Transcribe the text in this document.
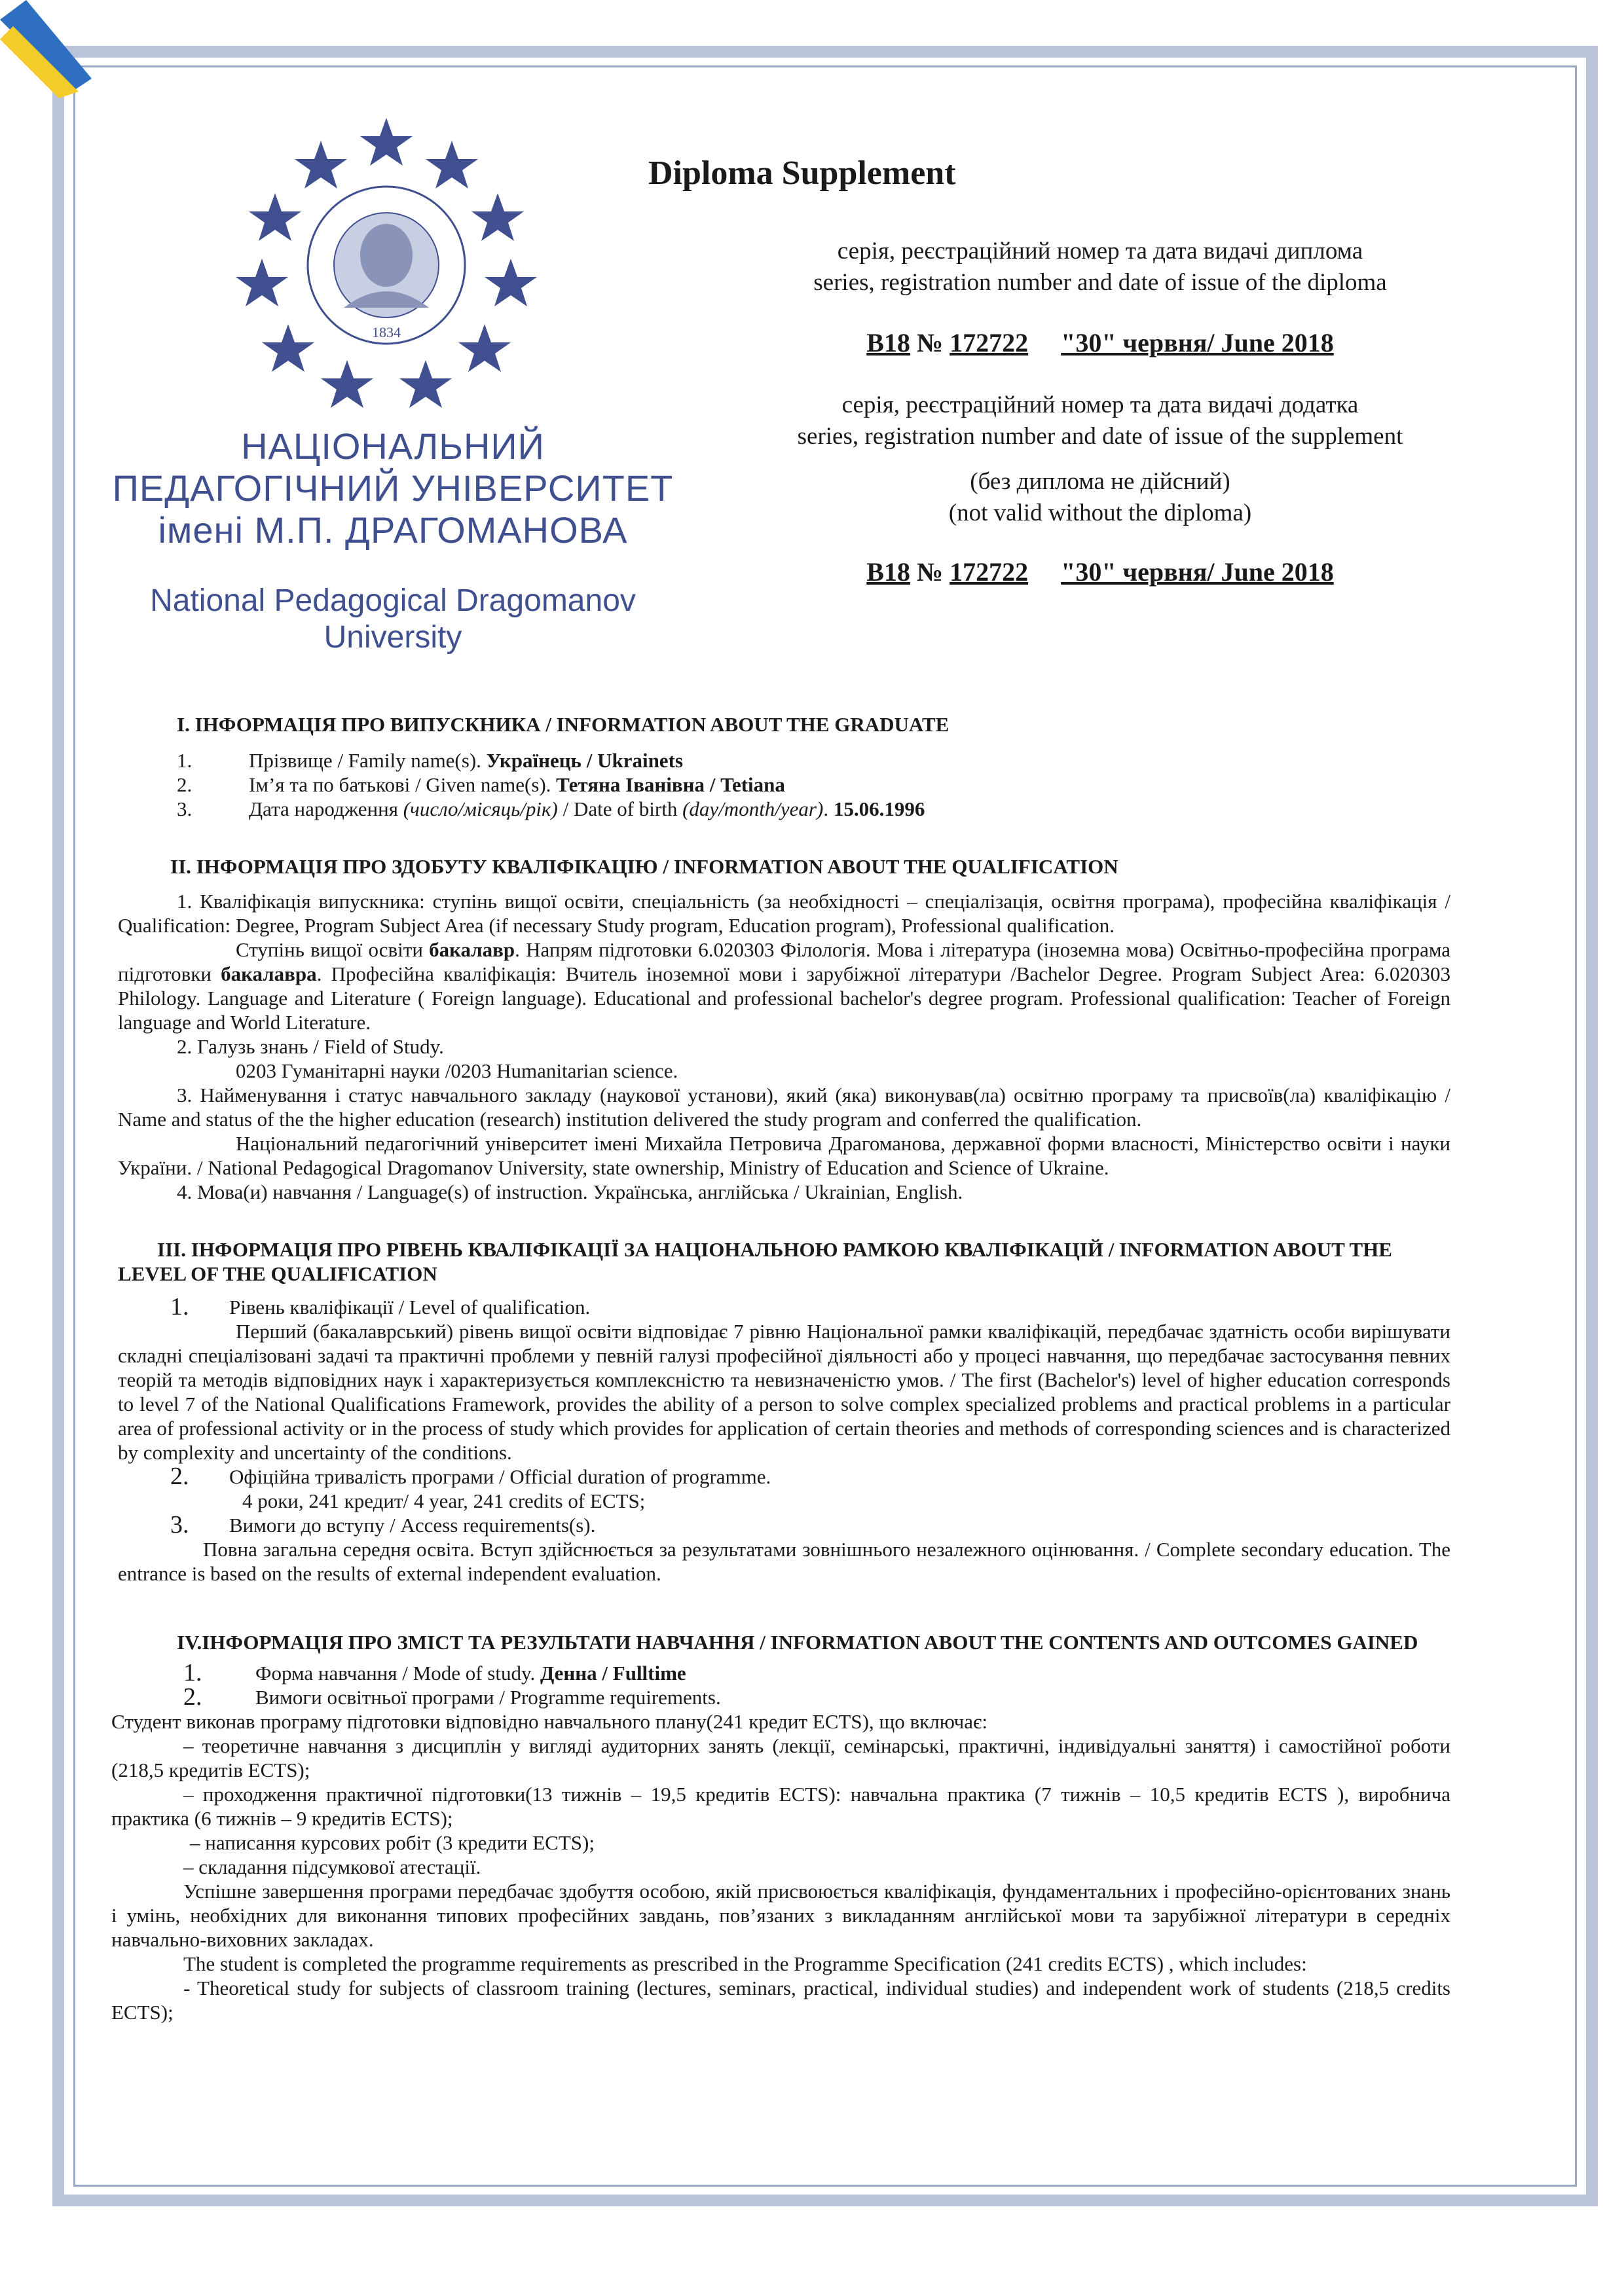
1834
НАЦІОНАЛЬНИЙ
ПЕДАГОГІЧНИЙ УНІВЕРСИТЕТ
імені М.П. ДРАГОМАНОВА
National Pedagogical Dragomanov
University
Diploma Supplement
серія, реєстраційний номер та дата видачі диплома
series, registration number and date of issue of the diploma
B18 № 172722 "30" червня/ June 2018
серія, реєстраційний номер та дата видачі додатка
series, registration number and date of issue of the supplement
(без диплома не дійсний)
(not valid without the diploma)
B18 № 172722 "30" червня/ June 2018
I. ІНФОРМАЦІЯ ПРО ВИПУСКНИКА / INFORMATION ABOUT THE GRADUATE
1.	Прізвище / Family name(s). Українець / Ukrainets
2.	Ім’я та по батькові / Given name(s). Тетяна Іванівна / Tetiana
3.	Дата народження (число/місяць/рік) / Date of birth (day/month/year). 15.06.1996
II. ІНФОРМАЦІЯ ПРО ЗДОБУТУ КВАЛІФІКАЦІЮ / INFORMATION ABOUT THE QUALIFICATION

1. Кваліфікація випускника: ступінь вищої освіти, спеціальність (за необхідності – спеціалізація, освітня програма), професійна кваліфікація / Qualification: Degree, Program Subject Area (if necessary Study program, Education program), Professional qualification.

Ступінь вищої освіти бакалавр. Напрям підготовки 6.020303 Філологія. Мова і література (іноземна мова) Освітньо-професійна програма підготовки бакалавра. Професійна кваліфікація: Вчитель іноземної мови і зарубіжної літератури /Bachelor Degree. Program Subject Area: 6.020303 Philology. Language and Literature ( Foreign language). Educational and professional bachelor's degree program. Professional qualification: Teacher of Foreign language and World Literature.

2. Галузь знань / Field of Study.

0203 Гуманітарні науки /0203 Humanitarian science.

3. Найменування і статус навчального закладу (наукової установи), який (яка) виконував(ла) освітню програму та присвоїв(ла) кваліфікацію / Name and status of the the higher education (research) institution delivered the study program and conferred the qualification.

Національний педагогічний університет імені Михайла Петровича Драгоманова, державної форми власності, Міністерство освіти і науки України. / National Pedagogical Dragomanov University, state ownership, Ministry of Education and Science of Ukraine.

4. Мова(и) навчання / Language(s) of instruction. Українська, англійська / Ukrainian, English.

III. ІНФОРМАЦІЯ ПРО РІВЕНЬ КВАЛІФІКАЦІЇ ЗА НАЦІОНАЛЬНОЮ РАМКОЮ КВАЛІФІКАЦІЙ / INFORMATION ABOUT THE LEVEL OF THE QUALIFICATION
1.	Рівень кваліфікації / Level of qualification.

Перший (бакалаврський) рівень вищої освіти відповідає 7 рівню Національної рамки кваліфікацій, передбачає здатність особи вирішувати складні спеціалізовані задачі та практичні проблеми у певній галузі професійної діяльності або у процесі навчання, що передбачає застосування певних теорій та методів відповідних наук і характеризується комплексністю та невизначеністю умов. / The first (Bachelor's) level of higher education corresponds to level 7 of the National Qualifications Framework, provides the ability of a person to solve complex specialized problems and practical problems in a particular area of professional activity or in the process of study which provides for application of certain theories and methods of corresponding sciences and is characterized by complexity and uncertainty of the conditions.

2.	Офіційна тривалість програми / Official duration of programme.

4 роки, 241 кредит/ 4 year, 241 credits of ECTS;

3.	Вимоги до вступу / Access requirements(s).

Повна загальна середня освіта. Вступ здійснюється за результатами зовнішнього незалежного оцінювання. / Complete secondary education. The entrance is based on the results of external independent evaluation.

IV.ІНФОРМАЦІЯ ПРО ЗМІСТ ТА РЕЗУЛЬТАТИ НАВЧАННЯ / INFORMATION ABOUT THE CONTENTS AND OUTCOMES GAINED
1.	Форма навчання / Mode of study. Денна / Fulltime
2.	Вимоги освітньої програми / Programme requirements.

Студент виконав програму підготовки відповідно навчального плану(241 кредит ECTS), що включає:

– теоретичне навчання з дисциплін у вигляді аудиторних занять (лекції, семінарські, практичні, індивідуальні заняття) і самостійної роботи (218,5 кредитів ECTS);

– проходження практичної підготовки(13 тижнів – 19,5 кредитів ECTS): навчальна практика (7 тижнів – 10,5 кредитів ECTS ), виробнича практика (6 тижнів – 9 кредитів ECTS);

– написання курсових робіт (3 кредити ECTS);

– складання підсумкової атестації.

Успішне завершення програми передбачає здобуття особою, якій присвоюється кваліфікація, фундаментальних і професійно-орієнтованих знань і умінь, необхідних для виконання типових професійних завдань, пов’язаних з викладанням англійської мови та зарубіжної літератури в середніх навчально-виховних закладах.

The student is completed the programme requirements as prescribed in the Programme Specification (241 credits ECTS) , which includes:

- Theoretical study for subjects of classroom training (lectures, seminars, practical, individual studies) and independent work of students (218,5 credits ECTS);
